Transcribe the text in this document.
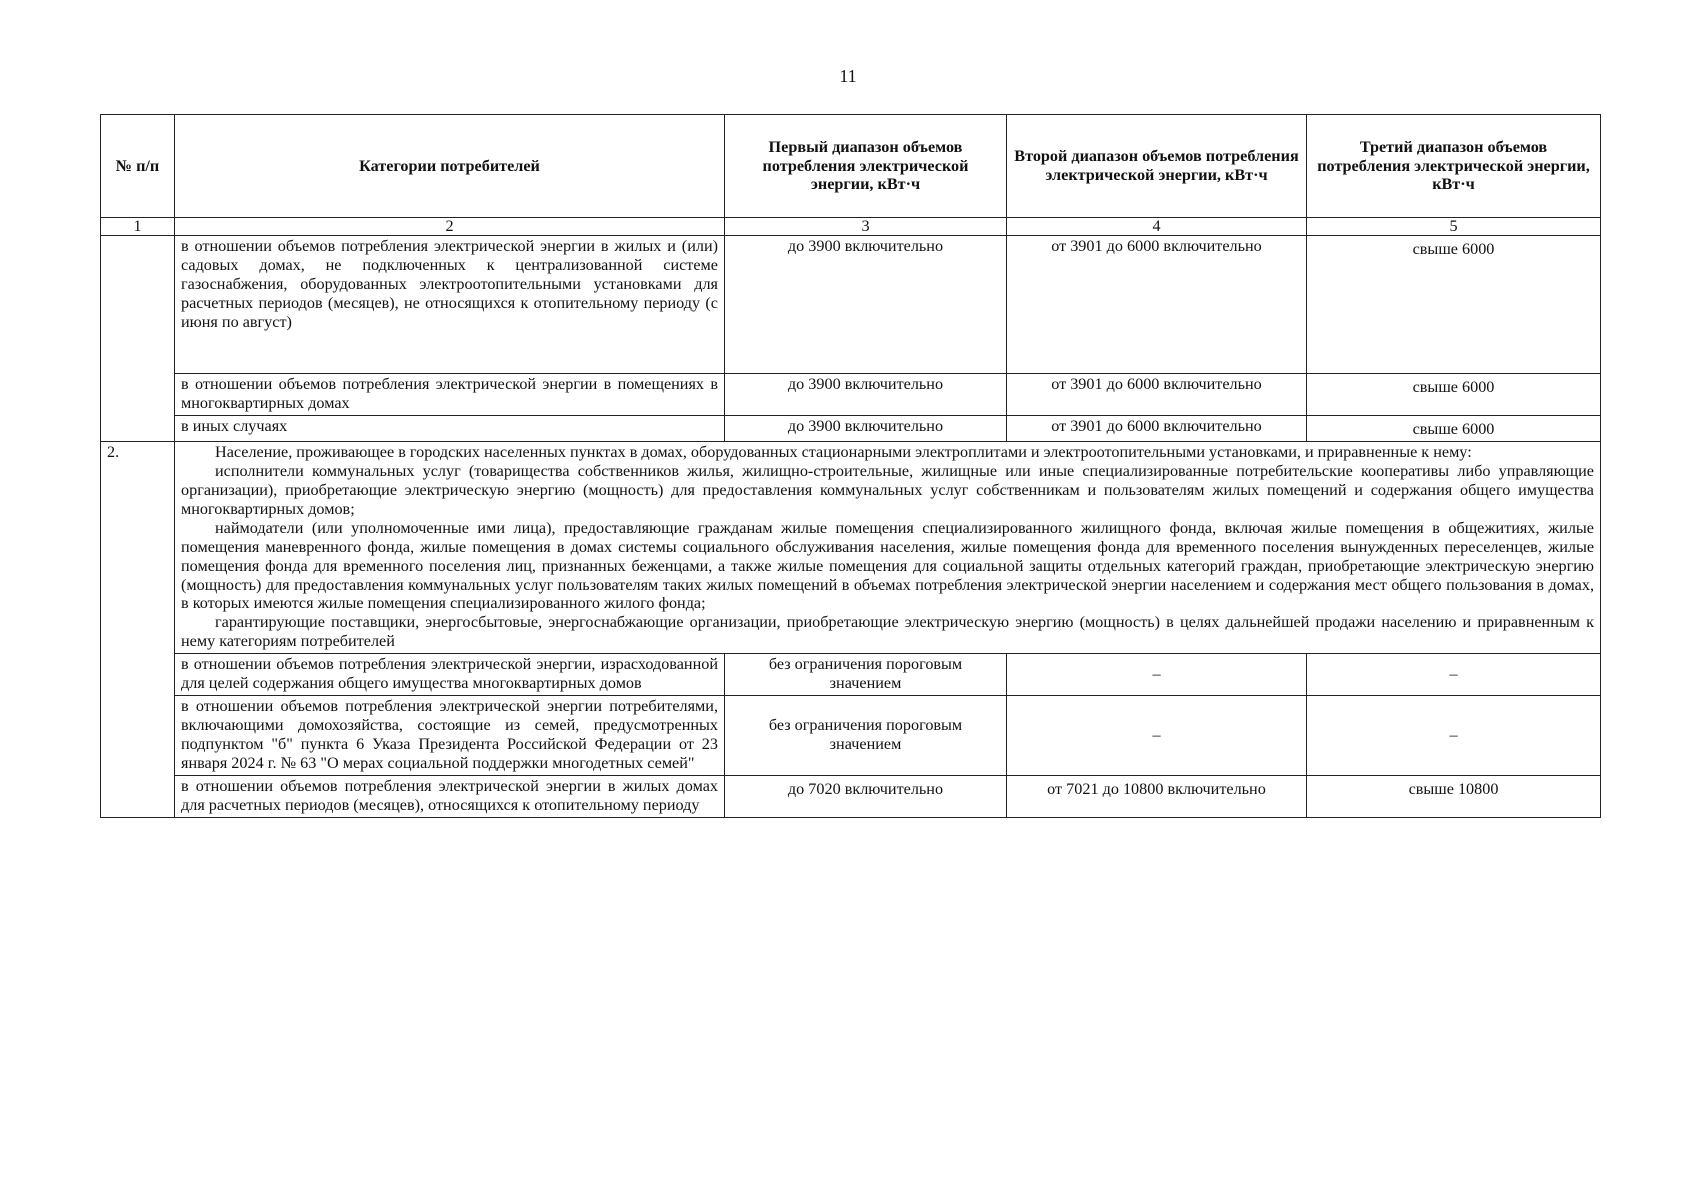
11
№ п/п	Категории потребителей	Первый диапазон объемов потребления электрической энергии, кВт·ч	Второй диапазон объемов потребления электрической энергии, кВт·ч	Третий диапазон объемов потребления электрической энергии, кВт·ч
1	2	3	4	5
	в отношении объемов потребления электрической энергии в жилых и (или) садовых домах, не подключенных к централизованной системе газоснабжения, оборудованных электроотопительными установками для расчетных периодов (месяцев), не относящихся к отопительному периоду (с июня по август)	до 3900 включительно	от 3901 до 6000 включительно	свыше 6000
	в отношении объемов потребления электрической энергии в помещениях в многоквартирных домах	до 3900 включительно	от 3901 до 6000 включительно	свыше 6000
	в иных случаях	до 3900 включительно	от 3901 до 6000 включительно	свыше 6000
2.	Население, проживающее в городских населенных пунктах в домах, оборудованных стационарными электроплитами и электроотопительными установками, и приравненные к нему:

исполнители коммунальных услуг (товарищества собственников жилья, жилищно-строительные, жилищные или иные специализированные потребительские кооперативы либо управляющие организации), приобретающие электрическую энергию (мощность) для предоставления коммунальных услуг собственникам и пользователям жилых помещений и содержания общего имущества многоквартирных домов;

наймодатели (или уполномоченные ими лица), предоставляющие гражданам жилые помещения специализированного жилищного фонда, включая жилые помещения в общежитиях, жилые помещения маневренного фонда, жилые помещения в домах системы социального обслуживания населения, жилые помещения фонда для временного поселения вынужденных переселенцев, жилые помещения фонда для временного поселения лиц, признанных беженцами, а также жилые помещения для социальной защиты отдельных категорий граждан, приобретающие электрическую энергию (мощность) для предоставления коммунальных услуг пользователям таких жилых помещений в объемах потребления электрической энергии населением и содержания мест общего пользования в домах, в которых имеются жилые помещения специализированного жилого фонда;

гарантирующие поставщики, энергосбытовые, энергоснабжающие организации, приобретающие электрическую энергию (мощность) в целях дальнейшей продажи населению и приравненным к нему категориям потребителей			

	в отношении объемов потребления электрической энергии, израсходованной для целей содержания общего имущества многоквартирных домов	без ограничения пороговым значением	–	–
	в отношении объемов потребления электрической энергии потребителями, включающими домохозяйства, состоящие из семей, предусмотренных подпунктом "б" пункта 6 Указа Президента Российской Федерации от 23 января 2024 г. № 63 "О мерах социальной поддержки многодетных семей"	без ограничения пороговым значением	–	–
	в отношении объемов потребления электрической энергии в жилых домах для расчетных периодов (месяцев), относящихся к отопительному периоду	до 7020 включительно	от 7021 до 10800 включительно	свыше 10800
